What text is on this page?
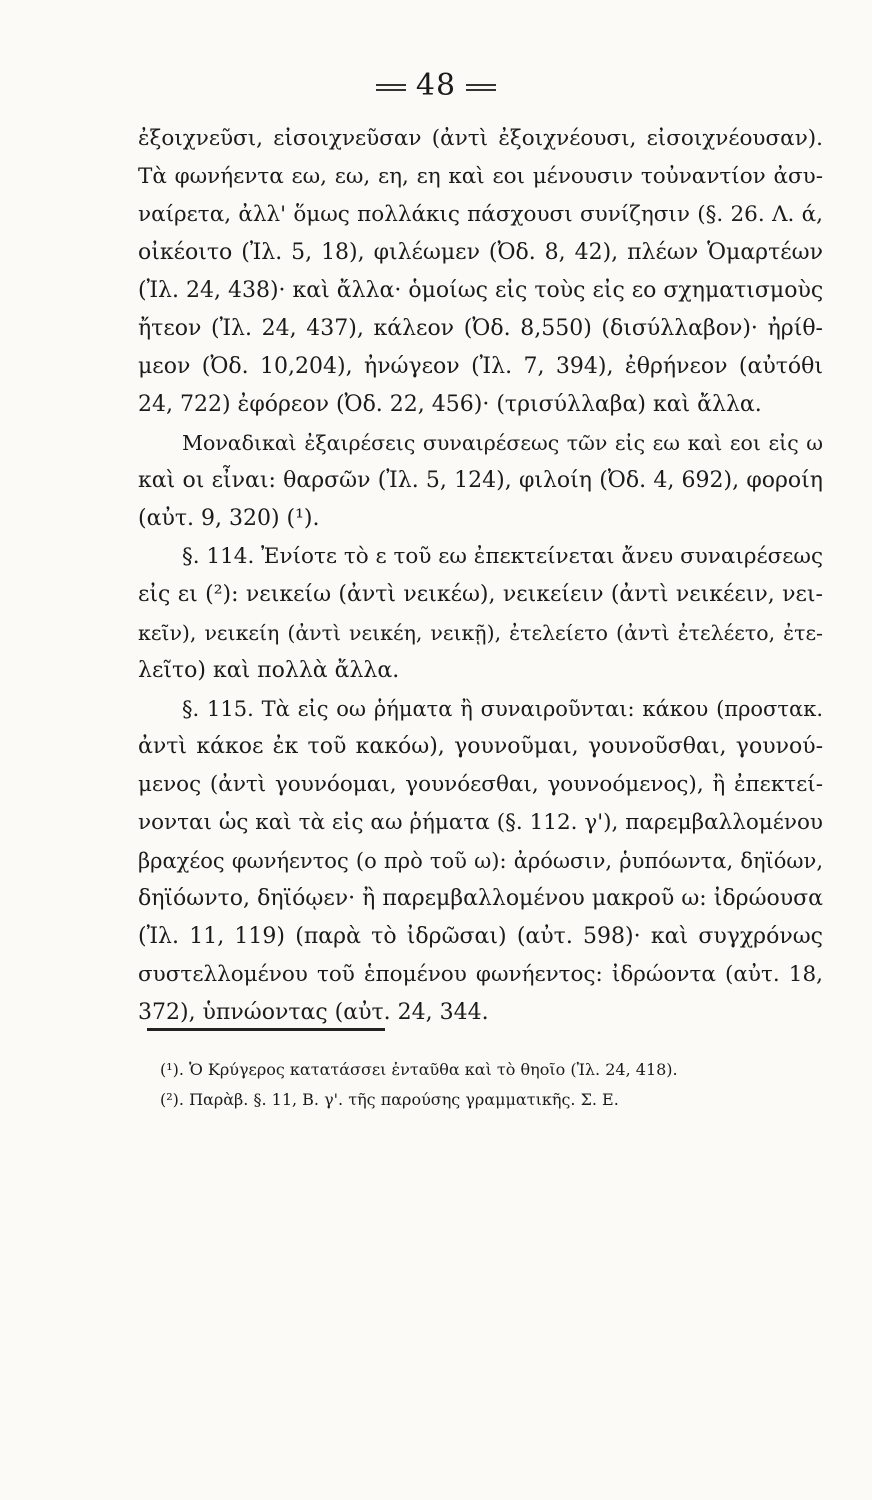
48
ἐξοιχνεῦσι, εἰσοιχνεῦσαν (ἀντὶ ἐξοιχνέουσι, εἰσοιχνέουσαν).
Τὰ φωνήεντα εω, εω, εη, εη καὶ εοι μένουσιν τοὐναντίον ἀσυ-
ναίρετα, ἀλλ' ὅμως πολλάκις πάσχουσι συνίζησιν (§. 26. Λ. ά,
οἰκέοιτο (Ἰλ. 5, 18), φιλέωμεν (Ὀδ. 8, 42), πλέων Ὁμαρτέων
(Ἰλ. 24, 438)· καὶ ἄλλα· ὁμοίως εἰς τοὺς εἰς εο σχηματισμοὺς
ἤτεον (Ἰλ. 24, 437), κάλεον (Ὀδ. 8,550) (δισύλλαβον)· ἠρίθ-
μεον (Ὀδ. 10,204), ἠνώγεον (Ἰλ. 7, 394), ἐθρήνεον (αὐτόθι
24, 722) ἐφόρεον (Ὀδ. 22, 456)· (τρισύλλαβα) καὶ ἄλλα.
Μοναδικαὶ ἐξαιρέσεις συναιρέσεως τῶν εἰς εω καὶ εοι εἰς ω
καὶ οι εἶναι: θαρσῶν (Ἰλ. 5, 124), φιλοίη (Ὀδ. 4, 692), φοροίη
(αὐτ. 9, 320) (¹).
§. 114. Ἐνίοτε τὸ ε τοῦ εω ἐπεκτείνεται ἄνευ συναιρέσεως
εἰς ει (²): νεικείω (ἀντὶ νεικέω), νεικείειν (ἀντὶ νεικέειν, νει-
κεῖν), νεικείη (ἀντὶ νεικέη, νεικῇ), ἐτελείετο (ἀντὶ ἐτελέετο, ἐτε-
λεῖτο) καὶ πολλὰ ἄλλα.
§. 115. Τὰ εἰς οω ῥήματα ἢ συναιροῦνται: κάκου (προστακ.
ἀντὶ κάκοε ἐκ τοῦ κακόω), γουνοῦμαι, γουνοῦσθαι, γουνού-
μενος (ἀντὶ γουνόομαι, γουνόεσθαι, γουνοόμενος), ἢ ἐπεκτεί-
νονται ὡς καὶ τὰ εἰς αω ῥήματα (§. 112. γ'), παρεμβαλλομένου
βραχέος φωνήεντος (ο πρὸ τοῦ ω): ἀρόωσιν, ῥυπόωντα, δηϊόων,
δηϊόωντο, δηϊόῳεν· ἢ παρεμβαλλομένου μακροῦ ω: ἰδρώουσα
(Ἰλ. 11, 119) (παρὰ τὸ ἰδρῶσαι) (αὐτ. 598)· καὶ συγχρόνως
συστελλομένου τοῦ ἑπομένου φωνήεντος: ἰδρώοντα (αὐτ. 18,
372), ὑπνώοντας (αὐτ. 24, 344.
(¹). Ὁ Κρύγερος κατατάσσει ἐνταῦθα καὶ τὸ θηοῖο (Ἰλ. 24, 418).
(²). Παρὰβ. §. 11, Β. γ'. τῆς παρούσης γραμματικῆς. Σ. Ε.
